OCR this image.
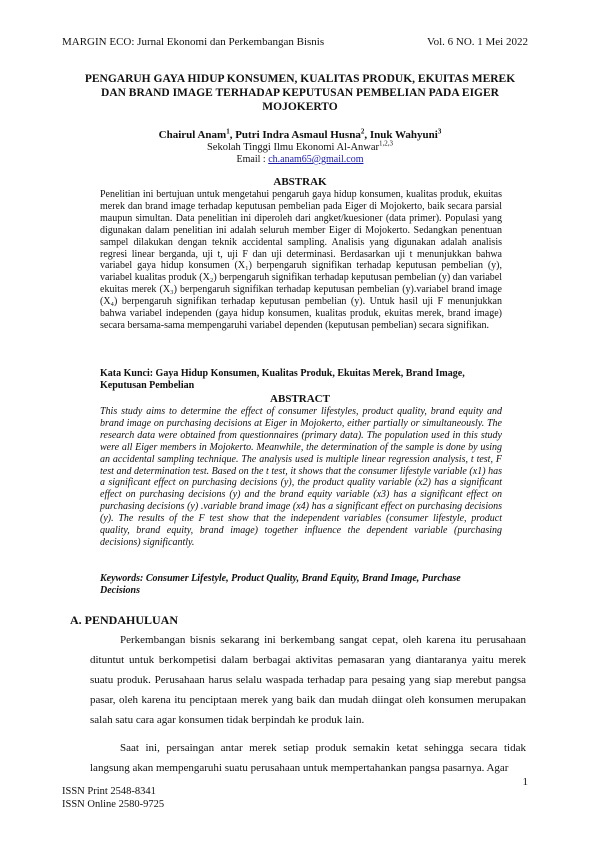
MARGIN ECO: Jurnal Ekonomi dan Perkembangan Bisnis	Vol. 6 NO. 1 Mei 2022
PENGARUH GAYA HIDUP KONSUMEN, KUALITAS PRODUK, EKUITAS MEREK DAN BRAND IMAGE TERHADAP KEPUTUSAN PEMBELIAN PADA EIGER MOJOKERTO
Chairul Anam$^1$, Putri Indra Asmaul Husna$^2$, Inuk Wahyuni$^3$
Sekolah Tinggi Ilmu Ekonomi Al-Anwar$^{1,2,3}$
Email : ch.anam65@gmail.com
ABSTRAK

Penelitian ini bertujuan untuk mengetahui pengaruh gaya hidup konsumen, kualitas produk, ekuitas merek dan brand image terhadap keputusan pembelian pada Eiger di Mojokerto, baik secara parsial maupun simultan. Data penelitian ini diperoleh dari angket/kuesioner (data primer). Populasi yang digunakan dalam penelitian ini adalah seluruh member Eiger di Mojokerto. Sedangkan penentuan sampel dilakukan dengan teknik accidental sampling. Analisis yang digunakan adalah analisis regresi linear berganda, uji t, uji F dan uji determinasi. Berdasarkan uji t menunjukkan bahwa variabel gaya hidup konsumen (X₁) berpengaruh signifikan terhadap keputusan pembelian (y), variabel kualitas produk (X₂) berpengaruh signifikan terhadap keputusan pembelian (y) dan variabel ekuitas merek (X₃) berpengaruh signifikan terhadap keputusan pembelian (y).variabel brand image (X₄) berpengaruh signifikan terhadap keputusan pembelian (y). Untuk hasil uji F menunjukkan bahwa variabel independen (gaya hidup konsumen, kualitas produk, ekuitas merek, brand image) secara bersama-sama mempengaruhi variabel dependen (keputusan pembelian) secara signifikan.

Kata Kunci: Gaya Hidup Konsumen, Kualitas Produk, Ekuitas Merek, Brand Image, Keputusan Pembelian

ABSTRACT

This study aims to determine the effect of consumer lifestyles, product quality, brand equity and brand image on purchasing decisions at Eiger in Mojokerto, either partially or simultaneously. The research data were obtained from questionnaires (primary data). The population used in this study were all Eiger members in Mojokerto. Meanwhile, the determination of the sample is done by using an accidental sampling technique. The analysis used is multiple linear regression analysis, t test, F test and determination test. Based on the t test, it shows that the consumer lifestyle variable (x1) has a significant effect on purchasing decisions (y), the product quality variable (x2) has a significant effect on purchasing decisions (y) and the brand equity variable (x3) has a significant effect on purchasing decisions (y) .variable brand image (x4) has a significant effect on purchasing decisions (y). The results of the F test show that the independent variables (consumer lifestyle, product quality, brand equity, brand image) together influence the dependent variable (purchasing decisions) significantly.

Keywords: Consumer Lifestyle, Product Quality, Brand Equity, Brand Image, Purchase Decisions

A. PENDAHULUAN

Perkembangan bisnis sekarang ini berkembang sangat cepat, oleh karena itu perusahaan dituntut untuk berkompetisi dalam berbagai aktivitas pemasaran yang diantaranya yaitu merek suatu produk. Perusahaan harus selalu waspada terhadap para pesaing yang siap merebut pangsa pasar, oleh karena itu penciptaan merek yang baik dan mudah diingat oleh konsumen merupakan salah satu cara agar konsumen tidak berpindah ke produk lain.

Saat ini, persaingan antar merek setiap produk semakin ketat sehingga secara tidak langsung akan mempengaruhi suatu perusahaan untuk mempertahankan pangsa pasarnya. Agar

1
ISSN Print 2548-8341
ISSN Online 2580-9725
